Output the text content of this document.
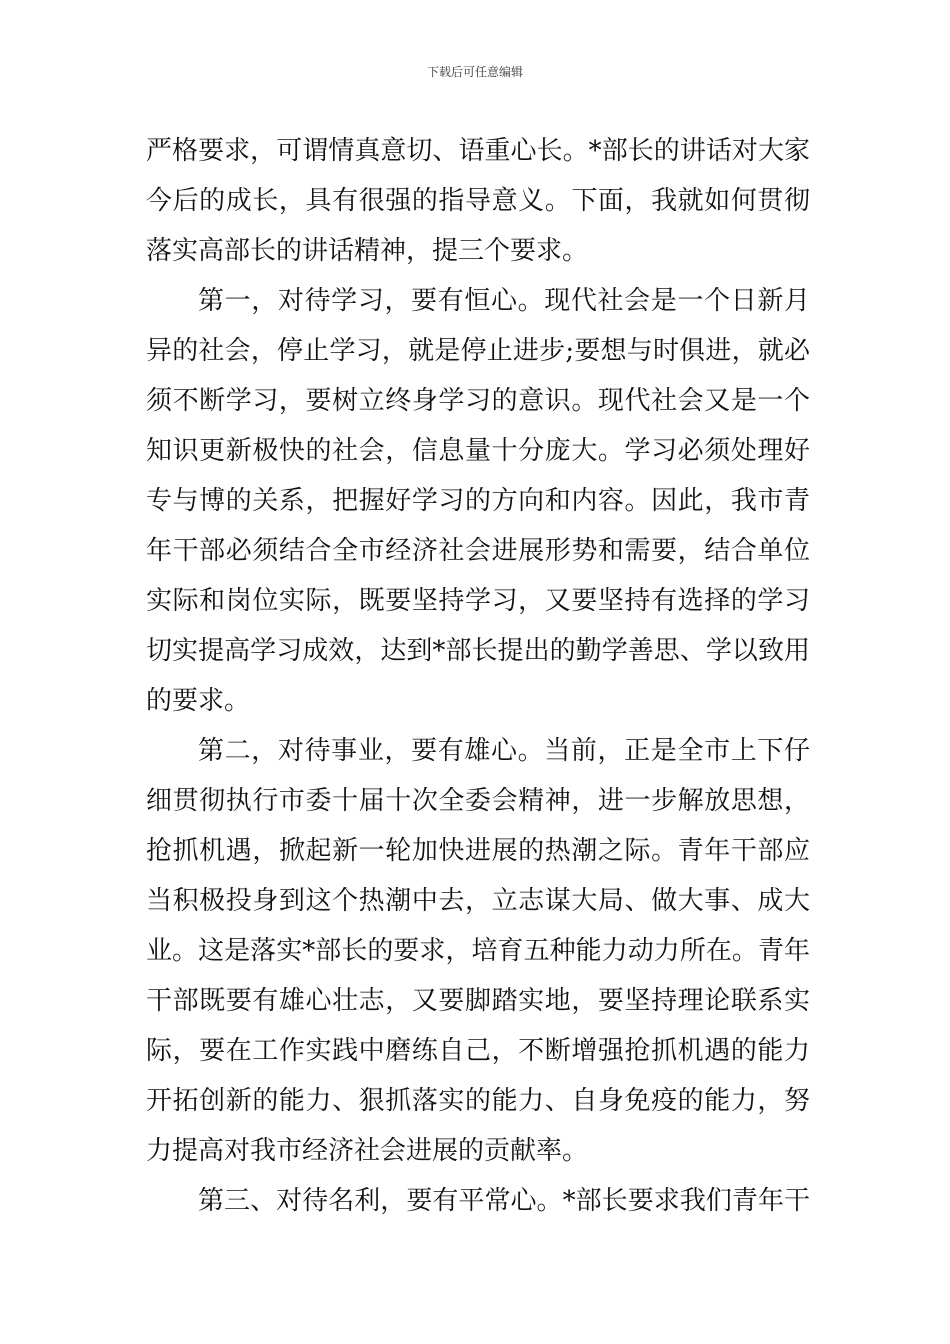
下载后可任意编辑
严格要求，可谓情真意切、语重心长。*部长的讲话对大家
今后的成长，具有很强的指导意义。下面，我就如何贯彻
落实高部长的讲话精神，提三个要求。
第一，对待学习，要有恒心。现代社会是一个日新月
异的社会，停止学习，就是停止进步;要想与时俱进，就必
须不断学习，要树立终身学习的意识。现代社会又是一个
知识更新极快的社会，信息量十分庞大。学习必须处理好
专与博的关系，把握好学习的方向和内容。因此，我市青
年干部必须结合全市经济社会进展形势和需要，结合单位
实际和岗位实际，既要坚持学习，又要坚持有选择的学习
切实提高学习成效，达到*部长提出的勤学善思、学以致用
的要求。
第二，对待事业，要有雄心。当前，正是全市上下仔
细贯彻执行市委十届十次全委会精神，进一步解放思想，
抢抓机遇，掀起新一轮加快进展的热潮之际。青年干部应
当积极投身到这个热潮中去，立志谋大局、做大事、成大
业。这是落实*部长的要求，培育五种能力动力所在。青年
干部既要有雄心壮志，又要脚踏实地，要坚持理论联系实
际，要在工作实践中磨练自己，不断增强抢抓机遇的能力
开拓创新的能力、狠抓落实的能力、自身免疫的能力，努
力提高对我市经济社会进展的贡献率。
第三、对待名利，要有平常心。*部长要求我们青年干
